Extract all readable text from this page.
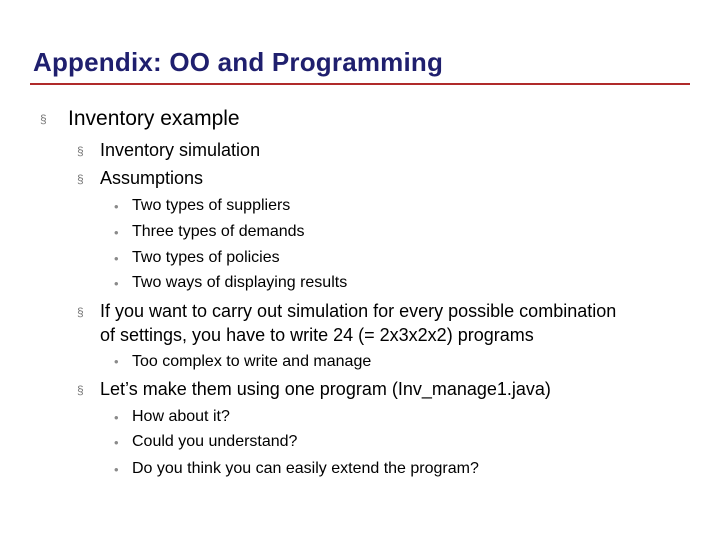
Appendix: OO and Programming
§ Inventory example
§ Inventory simulation
§ Assumptions
• Two types of suppliers
• Three types of demands
• Two types of policies
• Two ways of displaying results
§ If you want to carry out simulation for every possible combination
of settings, you have to write 24 (= 2x3x2x2) programs
• Too complex to write and manage
§ Let’s make them using one program (Inv_manage1.java)
• How about it?
• Could you understand?
• Do you think you can easily extend the program?
